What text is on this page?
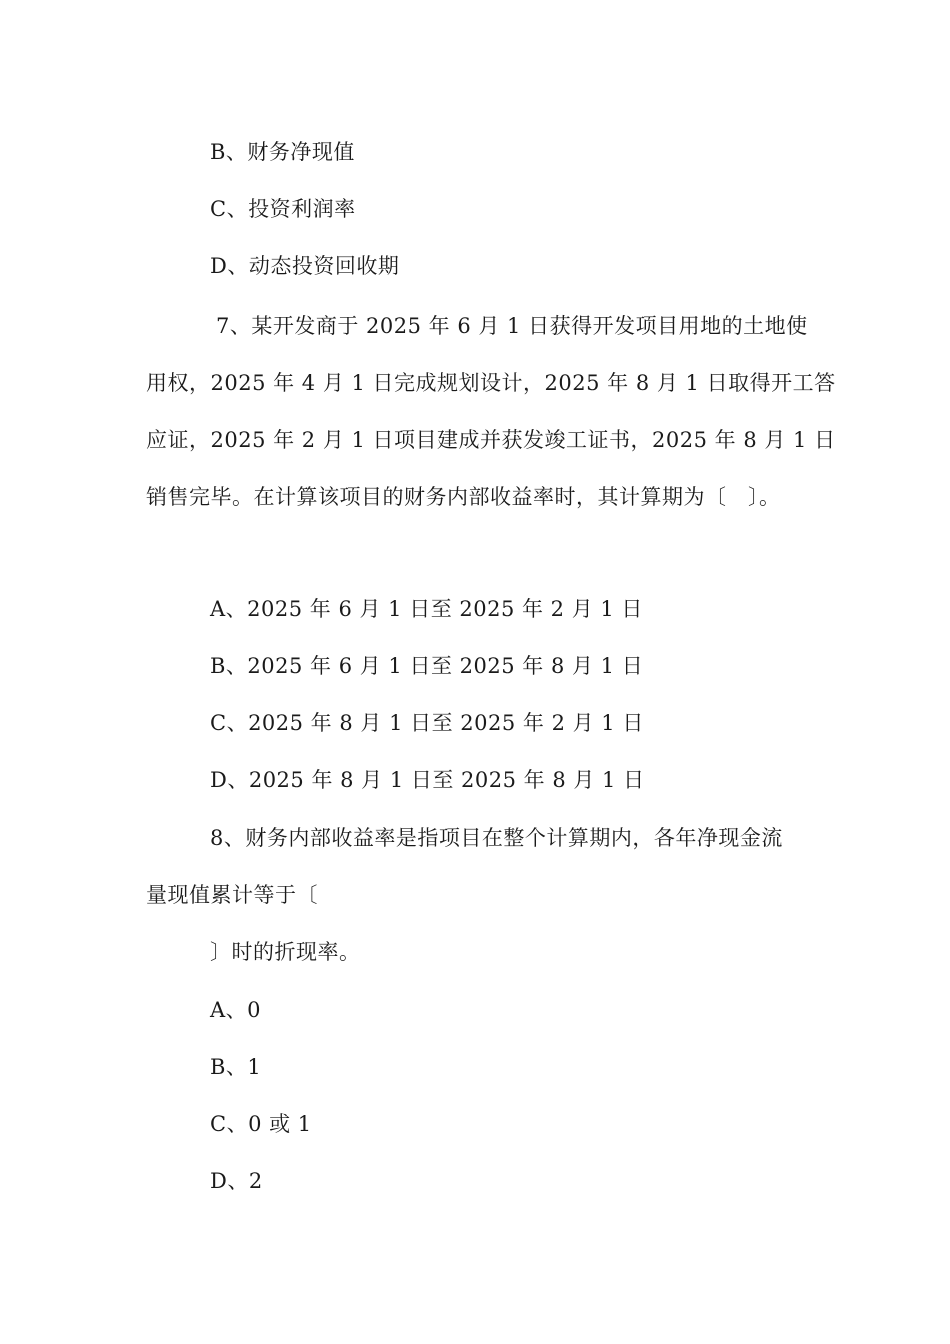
B、财务净现值
C、投资利润率
D、动态投资回收期
7、某开发商于 2025 年 6 月 1 日获得开发项目用地的土地使
用权，2025 年 4 月 1 日完成规划设计，2025 年 8 月 1 日取得开工答
应证，2025 年 2 月 1 日项目建成并获发竣工证书，2025 年 8 月 1 日
销售完毕。在计算该项目的财务内部收益率时，其计算期为〔　〕。
A、2025 年 6 月 1 日至 2025 年 2 月 1 日
B、2025 年 6 月 1 日至 2025 年 8 月 1 日
C、2025 年 8 月 1 日至 2025 年 2 月 1 日
D、2025 年 8 月 1 日至 2025 年 8 月 1 日
8、财务内部收益率是指项目在整个计算期内，各年净现金流
量现值累计等于〔
〕时的折现率。
A、0
B、1
C、0 或 1
D、2
